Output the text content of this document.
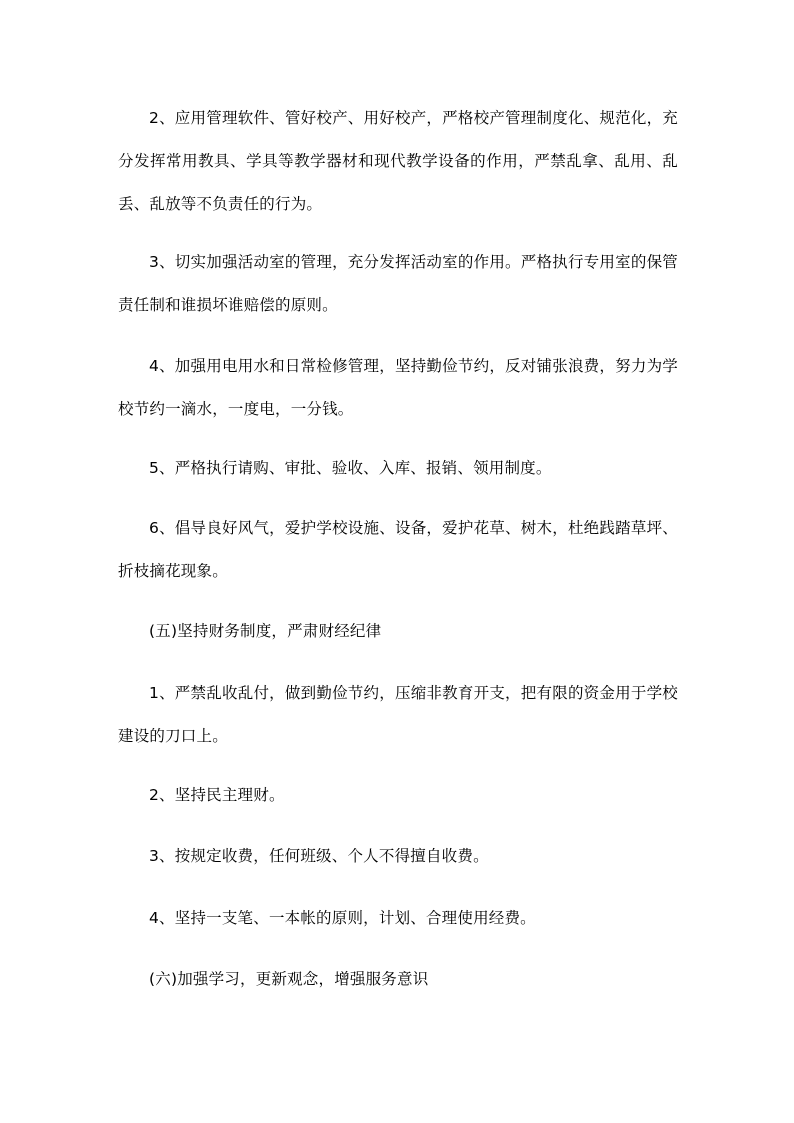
2、应用管理软件、管好校产、用好校产，严格校产管理制度化、规范化，充分发挥常用教具、学具等教学器材和现代教学设备的作用，严禁乱拿、乱用、乱丢、乱放等不负责任的行为。

3、切实加强活动室的管理，充分发挥活动室的作用。严格执行专用室的保管责任制和谁损坏谁赔偿的原则。

4、加强用电用水和日常检修管理，坚持勤俭节约，反对铺张浪费，努力为学校节约一滴水，一度电，一分钱。

5、严格执行请购、审批、验收、入库、报销、领用制度。

6、倡导良好风气，爱护学校设施、设备，爱护花草、树木，杜绝践踏草坪、折枝摘花现象。

(五)坚持财务制度，严肃财经纪律

1、严禁乱收乱付，做到勤俭节约，压缩非教育开支，把有限的资金用于学校建设的刀口上。

2、坚持民主理财。

3、按规定收费，任何班级、个人不得擅自收费。

4、坚持一支笔、一本帐的原则，计划、合理使用经费。

(六)加强学习，更新观念，增强服务意识
